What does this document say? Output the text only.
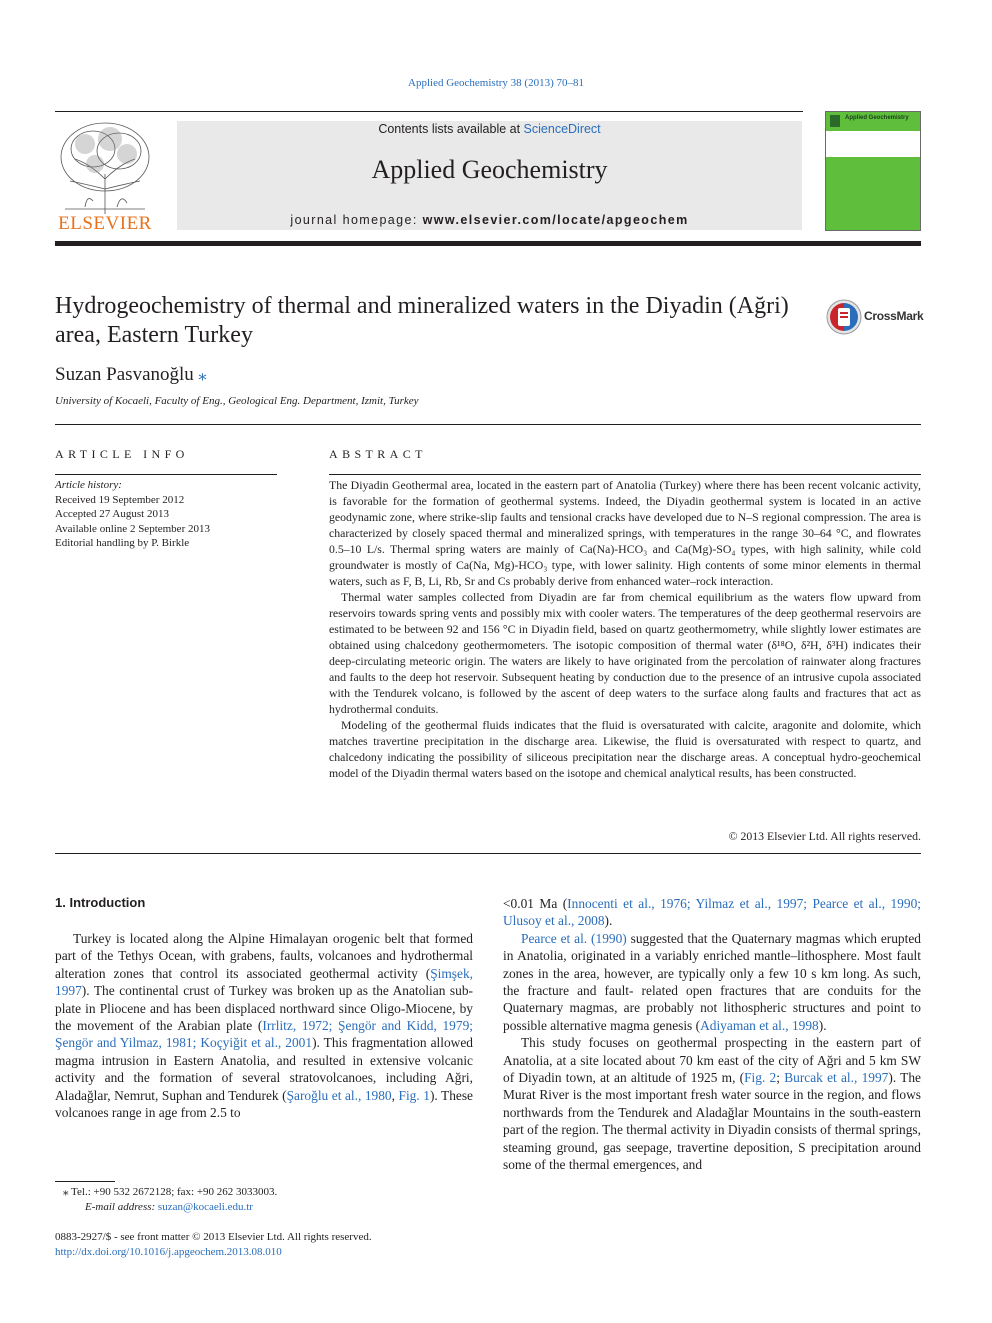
Applied Geochemistry 38 (2013) 70–81
ELSEVIER
Contents lists available at ScienceDirect
Applied Geochemistry
journal homepage: www.elsevier.com/locate/apgeochem
Applied Geochemistry
Hydrogeochemistry of thermal and mineralized waters in the Diyadin (Ağri) area, Eastern Turkey
CrossMark
Suzan Pasvanoğlu ⁎
University of Kocaeli, Faculty of Eng., Geological Eng. Department, Izmit, Turkey
ARTICLE INFO
Article history:
Received 19 September 2012
Accepted 27 August 2013
Available online 2 September 2013
Editorial handling by P. Birkle
ABSTRACT

The Diyadin Geothermal area, located in the eastern part of Anatolia (Turkey) where there has been recent volcanic activity, is favorable for the formation of geothermal systems. Indeed, the Diyadin geothermal system is located in an active geodynamic zone, where strike-slip faults and tensional cracks have developed due to N–S regional compression. The area is characterized by closely spaced thermal and mineralized springs, with temperatures in the range 30–64 °C, and flowrates 0.5–10 L/s. Thermal spring waters are mainly of Ca(Na)-HCO₃ and Ca(Mg)-SO₄ types, with high salinity, while cold groundwater is mostly of Ca(Na, Mg)-HCO₃ type, with lower salinity. High contents of some minor elements in thermal waters, such as F, B, Li, Rb, Sr and Cs probably derive from enhanced water–rock interaction.

Thermal water samples collected from Diyadin are far from chemical equilibrium as the waters flow upward from reservoirs towards spring vents and possibly mix with cooler waters. The temperatures of the deep geothermal reservoirs are estimated to be between 92 and 156 °C in Diyadin field, based on quartz geothermometry, while slightly lower estimates are obtained using chalcedony geothermometers. The isotopic composition of thermal water (δ¹⁸O, δ²H, δ³H) indicates their deep-circulating meteoric origin. The waters are likely to have originated from the percolation of rainwater along fractures and faults to the deep hot reservoir. Subsequent heating by conduction due to the presence of an intrusive cupola associated with the Tendurek volcano, is followed by the ascent of deep waters to the surface along faults and fractures that act as hydrothermal conduits.

Modeling of the geothermal fluids indicates that the fluid is oversaturated with calcite, aragonite and dolomite, which matches travertine precipitation in the discharge area. Likewise, the fluid is oversaturated with respect to quartz, and chalcedony indicating the possibility of siliceous precipitation near the discharge areas. A conceptual hydro-geochemical model of the Diyadin thermal waters based on the isotope and chemical analytical results, has been constructed.

© 2013 Elsevier Ltd. All rights reserved.
1. Introduction

Turkey is located along the Alpine Himalayan orogenic belt that formed part of the Tethys Ocean, with grabens, faults, volcanoes and hydrothermal alteration zones that control its associated geothermal activity (Şimşek, 1997). The continental crust of Turkey was broken up as the Anatolian sub-plate in Pliocene and has been displaced northward since Oligo-Miocene, by the movement of the Arabian plate (Irrlitz, 1972; Şengör and Kidd, 1979; Şengör and Yilmaz, 1981; Koçyiğit et al., 2001). This fragmentation allowed magma intrusion in Eastern Anatolia, and resulted in extensive volcanic activity and the formation of several stratovolcanoes, including Ağri, Aladağlar, Nemrut, Suphan and Tendurek (Şaroğlu et al., 1980, Fig. 1). These volcanoes range in age from 2.5 to

<0.01 Ma (Innocenti et al., 1976; Yilmaz et al., 1997; Pearce et al., 1990; Ulusoy et al., 2008).

Pearce et al. (1990) suggested that the Quaternary magmas which erupted in Anatolia, originated in a variably enriched mantle–lithosphere. Most fault zones in the area, however, are typically only a few 10 s km long. As such, the fracture and fault- related open fractures that are conduits for the Quaternary magmas, are probably not lithospheric structures and point to possible alternative magma genesis (Adiyaman et al., 1998).

This study focuses on geothermal prospecting in the eastern part of Anatolia, at a site located about 70 km east of the city of Ağri and 5 km SW of Diyadin town, at an altitude of 1925 m, (Fig. 2; Burcak et al., 1997). The Murat River is the most important fresh water source in the region, and flows northwards from the Tendurek and Aladağlar Mountains in the south-eastern part of the region. The thermal activity in Diyadin consists of thermal springs, steaming ground, gas seepage, travertine deposition, S precipitation around some of the thermal emergences, and

⁎ Tel.: +90 532 2672128; fax: +90 262 3033003.
E-mail address: suzan@kocaeli.edu.tr
0883-2927/$ - see front matter © 2013 Elsevier Ltd. All rights reserved.
http://dx.doi.org/10.1016/j.apgeochem.2013.08.010
